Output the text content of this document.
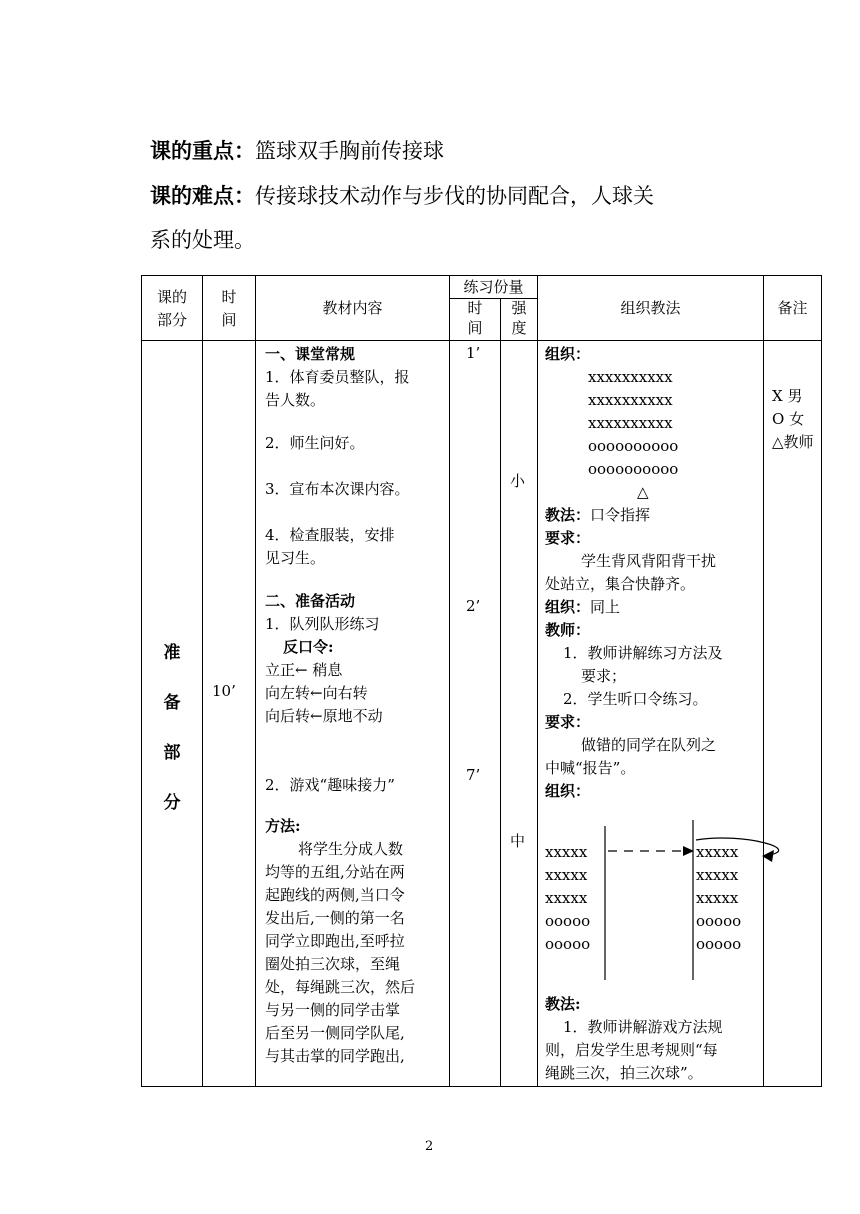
课的重点：篮球双手胸前传接球
课的难点：传接球技术动作与步伐的协同配合，人球关
系的处理。
课的
部分
时
间
教材内容
练习份量
时
间
强
度
组织教法	备注
准
备
部
分
10’
一、课堂常规
1．体育委员整队，报
告人数。
2．师生问好。
3．宣布本次课内容。
4．检查服装，安排
见习生。
二、准备活动
1．队列队形练习
反口令:
立正← 稍息
向左转←向右转
向后转←原地不动
2．游戏“趣味接力”
方法:
将学生分成人数
均等的五组,分站在两
起跑线的两侧,当口令
发出后,一侧的第一名
同学立即跑出,至呼拉
圈处拍三次球，至绳
处，每绳跳三次，然后
与另一侧的同学击掌
后至另一侧同学队尾,
与其击掌的同学跑出,
1’
2’
7’
小
中
组织：
xxxxxxxxxx
xxxxxxxxxx
xxxxxxxxxx
oooooooooo
oooooooooo
△
教法：口令指挥
要求：
学生背风背阳背干扰
处站立，集合快静齐。
组织：同上
教师：
1．教师讲解练习方法及
要求；
2．学生听口令练习。
要求：
做错的同学在队列之
中喊“报告”。
组织：
xxxxx
xxxxx
xxxxx
ooooo
ooooo
xxxxx
xxxxx
xxxxx
ooooo
ooooo
教法:
1．教师讲解游戏方法规
则，启发学生思考规则“每
绳跳三次，拍三次球”。
X 男
O 女
△教师
2
